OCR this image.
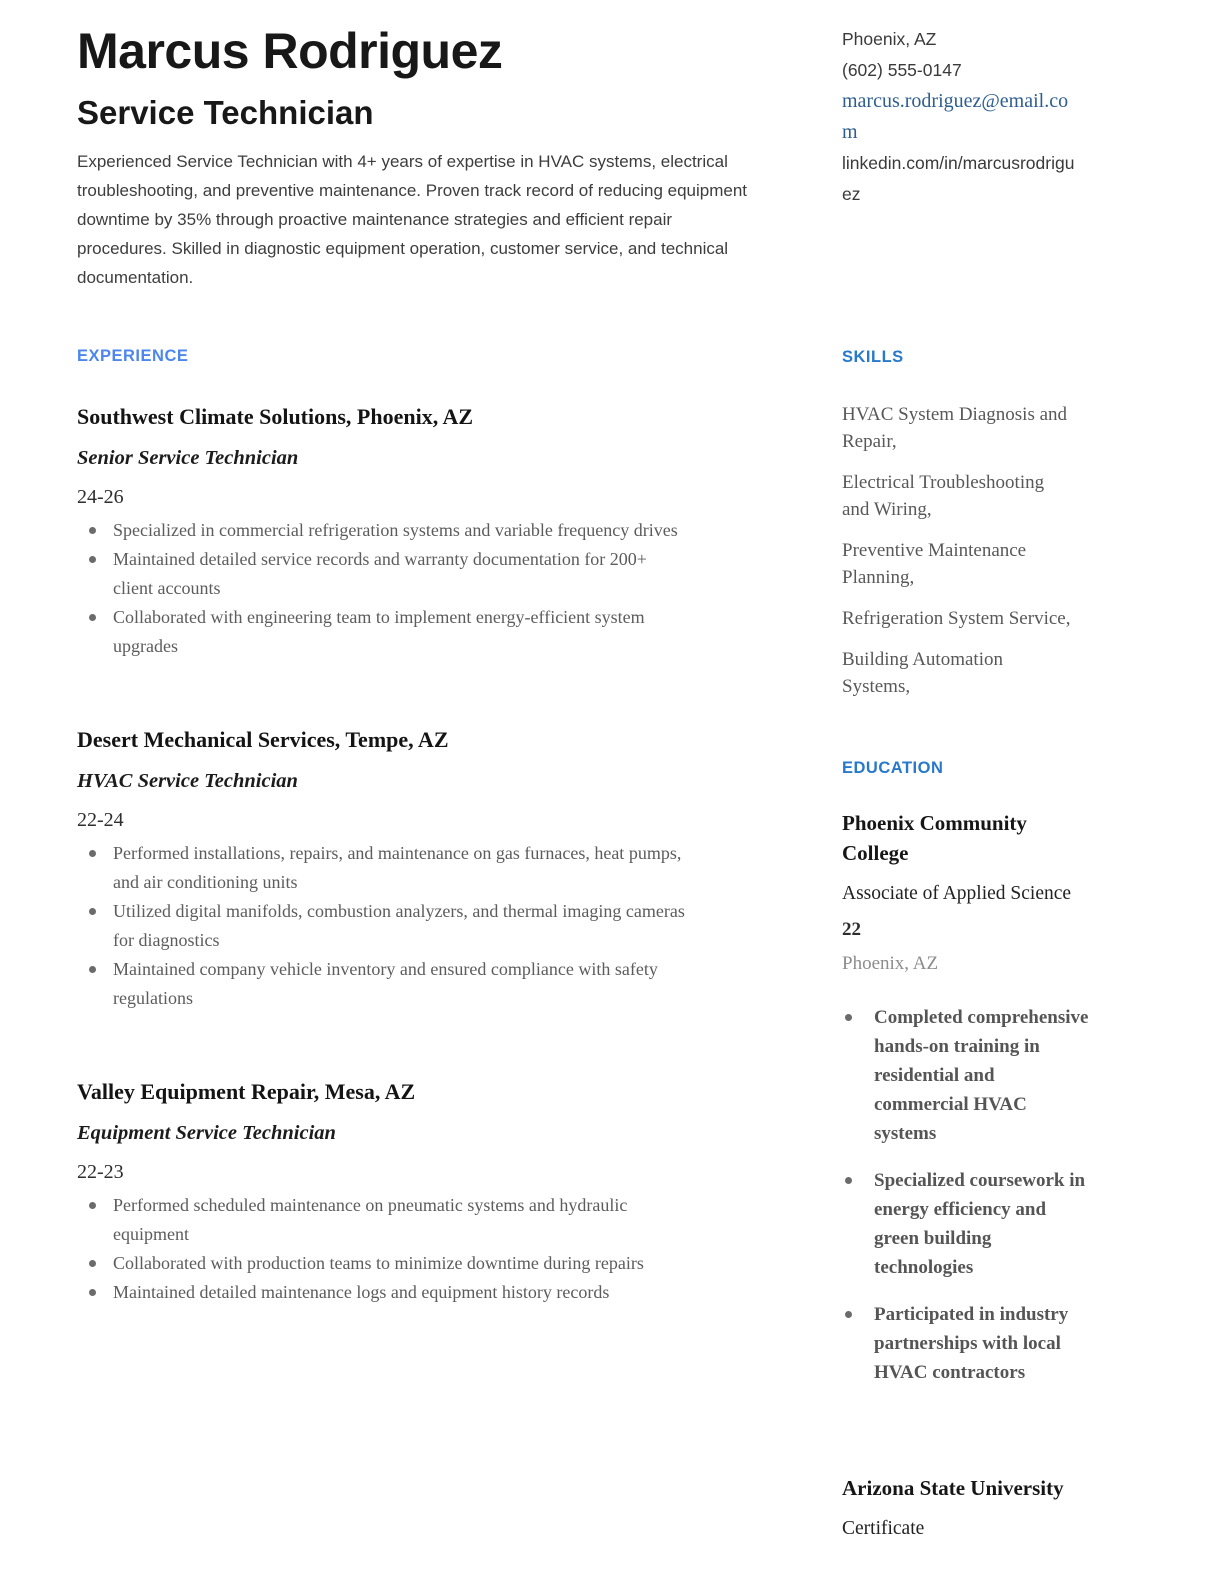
Marcus Rodriguez
Service Technician

Experienced Service Technician with 4+ years of expertise in HVAC systems, electrical troubleshooting, and preventive maintenance. Proven track record of reducing equipment downtime by 35% through proactive maintenance strategies and efficient repair procedures. Skilled in diagnostic equipment operation, customer service, and technical documentation.

EXPERIENCE
Southwest Climate Solutions, Phoenix, AZ
Senior Service Technician
24-26
Specialized in commercial refrigeration systems and variable frequency drives
Maintained detailed service records and warranty documentation for 200+ client accounts
Collaborated with engineering team to implement energy-efficient system upgrades
Desert Mechanical Services, Tempe, AZ
HVAC Service Technician
22-24
Performed installations, repairs, and maintenance on gas furnaces, heat pumps, and air conditioning units
Utilized digital manifolds, combustion analyzers, and thermal imaging cameras for diagnostics
Maintained company vehicle inventory and ensured compliance with safety regulations
Valley Equipment Repair, Mesa, AZ
Equipment Service Technician
22-23
Performed scheduled maintenance on pneumatic systems and hydraulic equipment
Collaborated with production teams to minimize downtime during repairs
Maintained detailed maintenance logs and equipment history records
Phoenix, AZ
(602) 555-0147
marcus.rodriguez@email.com
linkedin.com/in/marcusrodriguez
SKILLS

HVAC System Diagnosis and Repair,

Electrical Troubleshooting and Wiring,

Preventive Maintenance Planning,

Refrigeration System Service,

Building Automation Systems,

EDUCATION
Phoenix Community College
Associate of Applied Science
22
Phoenix, AZ
Completed comprehensive hands-on training in residential and commercial HVAC systems
Specialized coursework in energy efficiency and green building technologies
Participated in industry partnerships with local HVAC contractors
Arizona State University
Certificate
